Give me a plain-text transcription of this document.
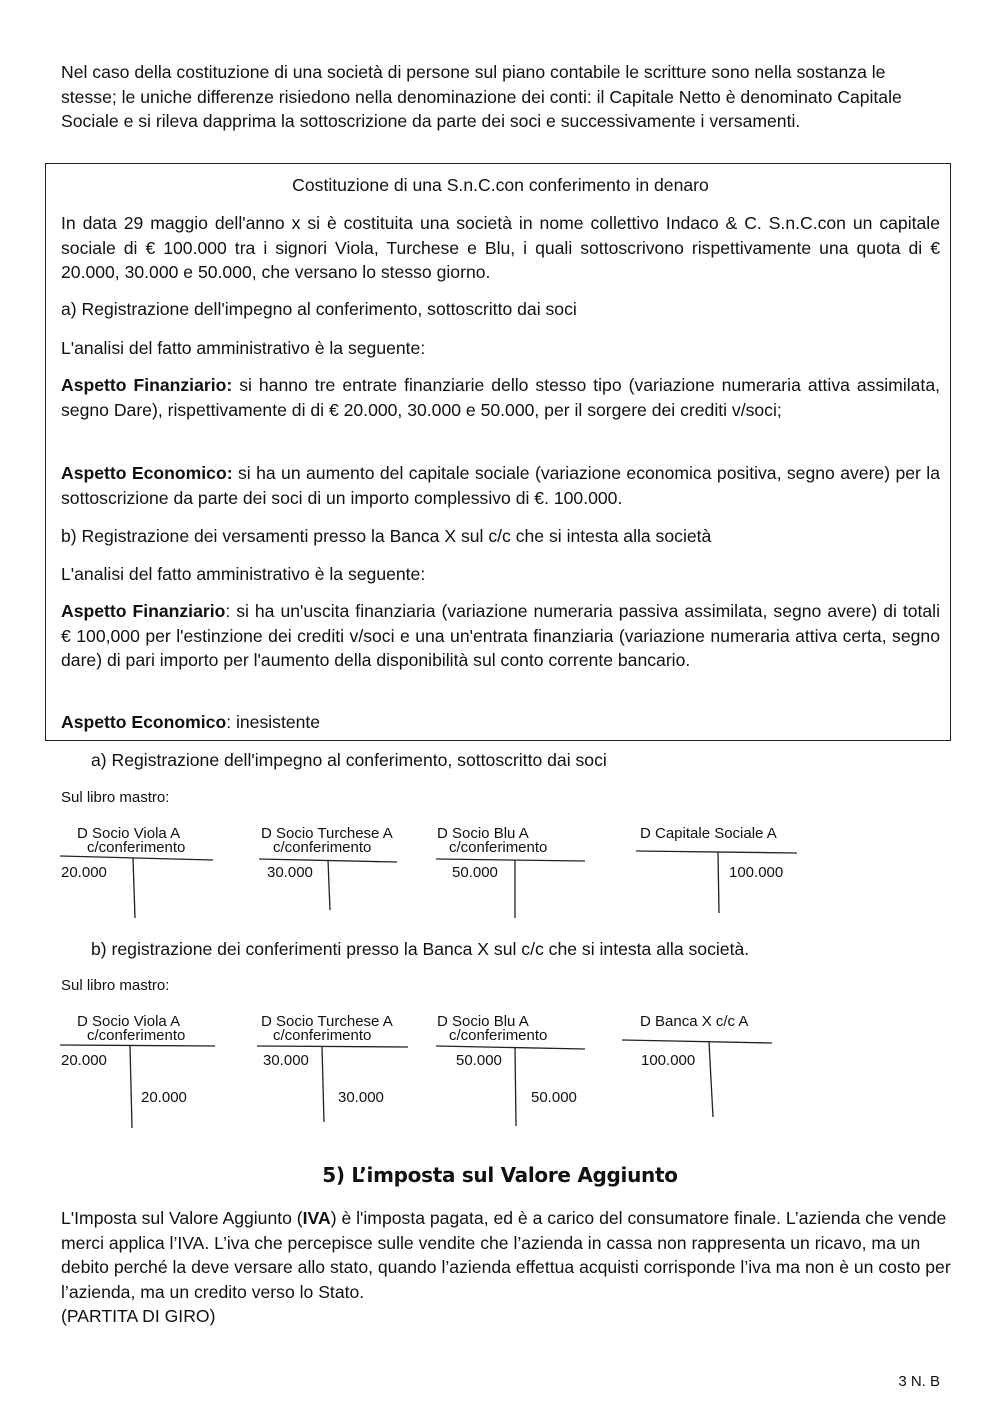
Nel caso della costituzione di una società di persone sul piano contabile le scritture sono nella sostanza le stesse; le uniche differenze risiedono nella denominazione dei conti: il Capitale Netto è denominato Capitale Sociale e si rileva dapprima la sottoscrizione da parte dei soci e successivamente i versamenti.

Costituzione di una S.n.C.con conferimento in denaro

In data 29 maggio dell'anno x si è costituita una società in nome collettivo Indaco & C. S.n.C.con un capitale sociale di € 100.000 tra i signori Viola, Turchese e Blu, i quali sottoscrivono rispettivamente una quota di € 20.000, 30.000 e 50.000, che versano lo stesso giorno.

a) Registrazione dell'impegno al conferimento, sottoscritto dai soci

L'analisi del fatto amministrativo è la seguente:

Aspetto Finanziario: si hanno tre entrate finanziarie dello stesso tipo (variazione numeraria attiva assimilata, segno Dare), rispettivamente di di € 20.000, 30.000 e 50.000, per il sorgere dei crediti v/soci;

Aspetto Economico: si ha un aumento del capitale sociale (variazione economica positiva, segno avere) per la sottoscrizione da parte dei soci di un importo complessivo di €. 100.000.

b) Registrazione dei versamenti presso la Banca X sul c/c che si intesta alla società

L'analisi del fatto amministrativo è la seguente:

Aspetto Finanziario: si ha un'uscita finanziaria (variazione numeraria passiva assimilata, segno avere) di totali € 100,000 per l'estinzione dei crediti v/soci e una un'entrata finanziaria (variazione numeraria attiva certa, segno dare) di pari importo per l'aumento della disponibilità sul conto corrente bancario.

Aspetto Economico: inesistente

a) Registrazione dell'impegno al conferimento, sottoscritto dai soci

Sul libro mastro:
D Socio Viola A
c/conferimento
20.000
D Socio Turchese A
c/conferimento
30.000
D Socio Blu A
c/conferimento
50.000
D Capitale Sociale A
100.000

b) registrazione dei conferimenti presso la Banca X sul c/c che si intesta alla società.

Sul libro mastro:
D Socio Viola A
c/conferimento
20.000
20.000
D Socio Turchese A
c/conferimento
30.000
30.000
D Socio Blu A
c/conferimento
50.000
50.000
D Banca X c/c A
100.000
5) L’imposta sul Valore Aggiunto

L'Imposta sul Valore Aggiunto (IVA) è l'imposta pagata, ed è a carico del consumatore finale. L’azienda che vende merci applica l’IVA. L’iva che percepisce sulle vendite che l’azienda in cassa non rappresenta un ricavo, ma un debito perché la deve versare allo stato, quando l’azienda effettua acquisti corrisponde l’iva ma non è un costo per l’azienda, ma un credito verso lo Stato.
(PARTITA DI GIRO)

3 N. B
